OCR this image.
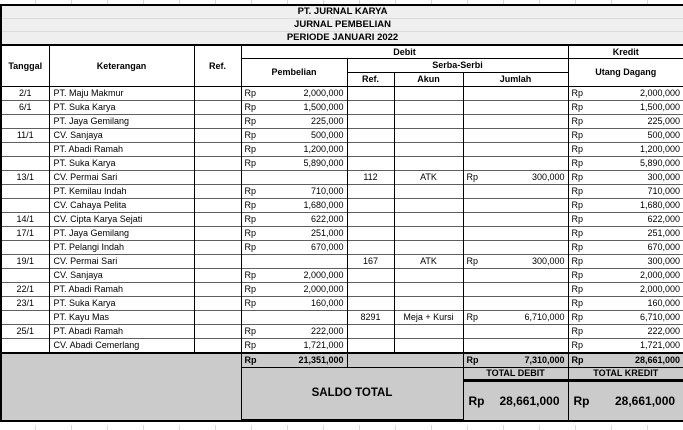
PT. JURNAL KARYA							
JURNAL PEMBELIAN							
PERIODE JANUARI 2022							
Tanggal	Keterangan	Ref.	Debit				Kredit
			Pembelian	Serba-Serbi			Utang Dagang
				Ref.	Akun	Jumlah	
2/1	PT. Maju Makmur		Rp 2,000,000				Rp 2,000,000

6/1	PT. Suka Karya		Rp 1,500,000				Rp 1,500,000

	PT. Jaya Gemilang		Rp 225,000				Rp 225,000

11/1	CV. Sanjaya		Rp 500,000				Rp 500,000

	PT. Abadi Ramah		Rp 1,200,000				Rp 1,200,000

	PT. Suka Karya		Rp 5,890,000				Rp 5,890,000

13/1	CV. Permai Sari			112	ATK	Rp 300,000	Rp 300,000

	PT. Kemilau Indah		Rp 710,000				Rp 710,000

	CV. Cahaya Pelita		Rp 1,680,000				Rp 1,680,000

14/1	CV. Cipta Karya Sejati		Rp 622,000				Rp 622,000

17/1	PT. Jaya Gemilang		Rp 251,000				Rp 251,000

	PT. Pelangi Indah		Rp 670,000				Rp 670,000

19/1	CV. Permai Sari			167	ATK	Rp 300,000	Rp 300,000

	CV. Sanjaya		Rp 2,000,000				Rp 2,000,000

22/1	PT. Abadi Ramah		Rp 2,000,000				Rp 2,000,000

23/1	PT. Suka Karya		Rp 160,000				Rp 160,000

	PT. Kayu Mas			8291	Meja + Kursi	Rp 6,710,000	Rp 6,710,000

25/1	PT. Abadi Ramah		Rp 222,000				Rp 222,000

	CV. Abadi Cemerlang		Rp 1,721,000				Rp 1,721,000

			Rp 21,351,000			Rp 7,310,000	Rp 28,661,000

			SALDO TOTAL			TOTAL DEBIT	TOTAL KREDIT

						Rp 28,661,000	Rp 28,661,000
